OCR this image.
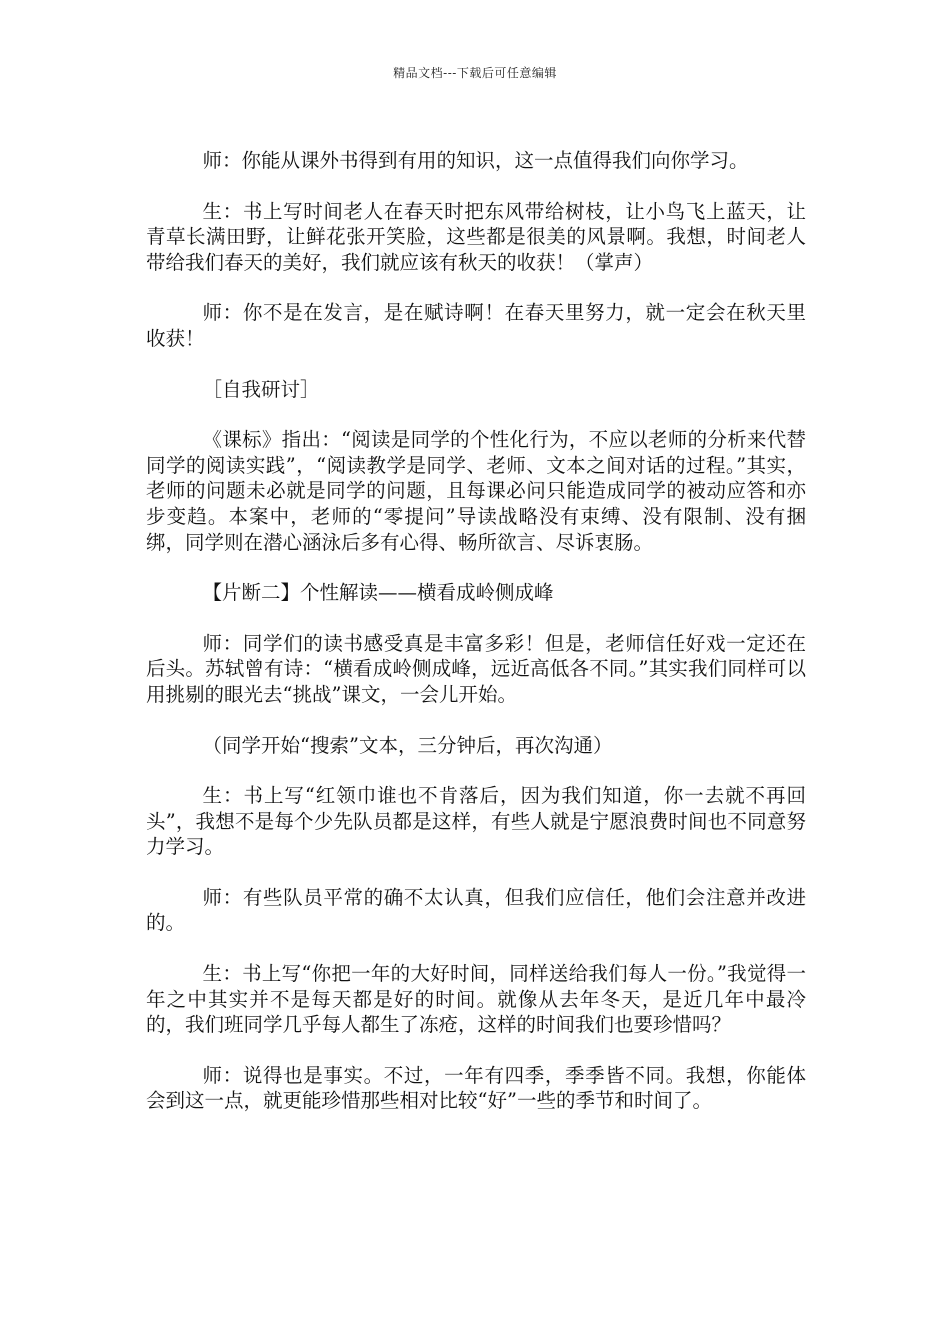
精品文档---下载后可任意编辑

师：你能从课外书得到有用的知识，这一点值得我们向你学习。

生：书上写时间老人在春天时把东风带给树枝，让小鸟飞上蓝天，让青草长满田野，让鲜花张开笑脸，这些都是很美的风景啊。我想，时间老人带给我们春天的美好，我们就应该有秋天的收获！（掌声）

师：你不是在发言，是在赋诗啊！在春天里努力，就一定会在秋天里收获！

［自我研讨］

《课标》指出：“阅读是同学的个性化行为，不应以老师的分析来代替同学的阅读实践”，“阅读教学是同学、老师、文本之间对话的过程。”其实，老师的问题未必就是同学的问题，且每课必问只能造成同学的被动应答和亦步变趋。本案中，老师的“零提问”导读战略没有束缚、没有限制、没有捆绑，同学则在潜心涵泳后多有心得、畅所欲言、尽诉衷肠。

【片断二】个性解读——横看成岭侧成峰

师：同学们的读书感受真是丰富多彩！但是，老师信任好戏一定还在后头。苏轼曾有诗：“横看成岭侧成峰，远近高低各不同。”其实我们同样可以用挑剔的眼光去“挑战”课文，一会儿开始。

（同学开始“搜索”文本，三分钟后，再次沟通）

生：书上写“红领巾谁也不肯落后，因为我们知道，你一去就不再回头”，我想不是每个少先队员都是这样，有些人就是宁愿浪费时间也不同意努力学习。

师：有些队员平常的确不太认真，但我们应信任，他们会注意并改进的。

生：书上写“你把一年的大好时间，同样送给我们每人一份。”我觉得一年之中其实并不是每天都是好的时间。就像从去年冬天，是近几年中最冷的，我们班同学几乎每人都生了冻疮，这样的时间我们也要珍惜吗？

师：说得也是事实。不过，一年有四季，季季皆不同。我想，你能体会到这一点，就更能珍惜那些相对比较“好”一些的季节和时间了。
